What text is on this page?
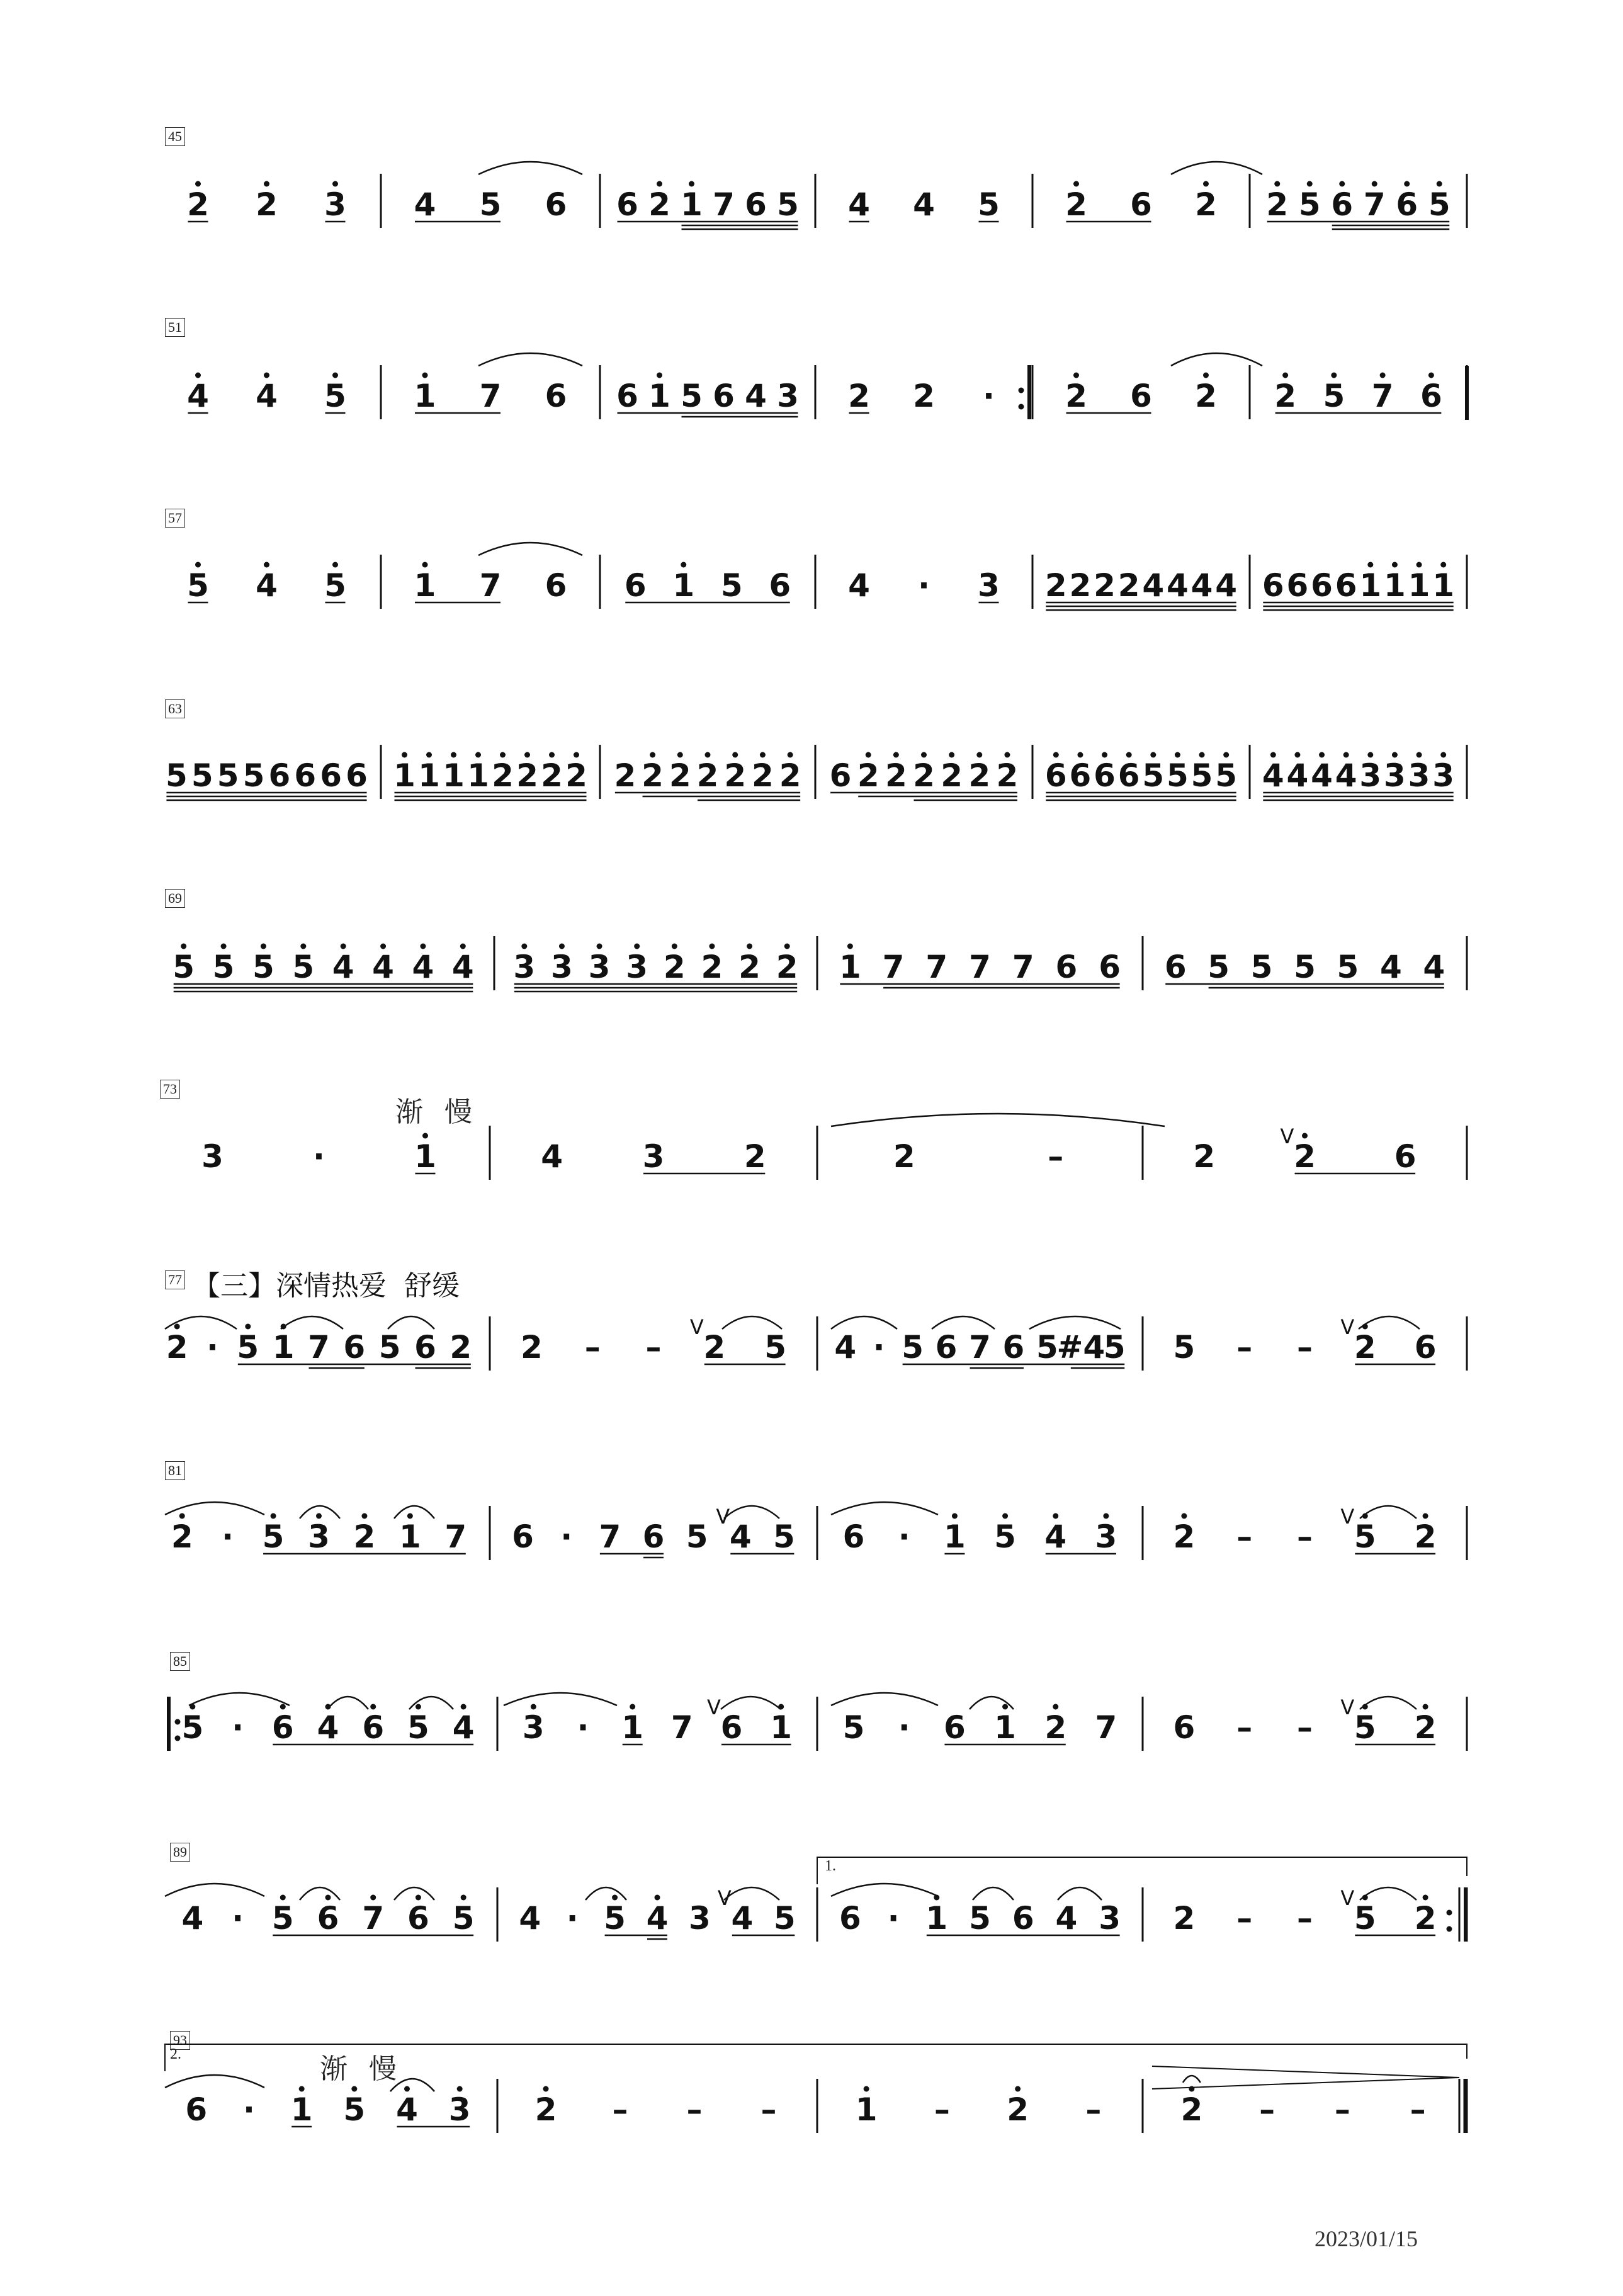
45
51
57
63
69
73
77
81
85
89
93
渐慢
【三】深情热爱  舒缓
1.
2.	渐慢
2 2 3 4 5 6 6 2 1 7 6 5 4 4 5 2 6 2 2 5 6 7 6 5
4 4 5 1 7 6 6 1 5 6 4 3 2 2 · 2 6 2 2 5 7 6
5 4 5 1 7 6 6 1 5 6 4 · 3 2 2 2 2 4 4 4 4 6 6 6 6 1 1 1 1
5 5 5 5 6 6 6 6 1 1 1 1 2 2 2 2 2 2 2 2 2 2 2 6 2 2 2 2 2 2 6 6 6 6 5 5 5 5 4 4 4 4 3 3 3 3
5 5 5 5 4 4 4 4 3 3 3 3 2 2 2 2 1 7 7 7 7 6 6 6 5 5 5 5 4 4
3	·	1	4	3	2	2	–	2 2
V
6
2 · 5 1 7 6 5 6 2 2 – – 2
V
5 4 · 5 6 7 6 5
#4
5 5 – – 2
V
6
2 · 5 3 2 1 7 6 · 7 6 5 4
V
5 6 · 1 5 4 3 2 – – 5
V
2
5 · 6 4 6 5 4 3 · 1 7 6
V
1 5 · 6 1 2 7 6 – – 5
V
2
4 · 5 6 7 6 5 4 · 5 4 3 4
V
5 6 · 1 5 6 4 3 2 – – 5
V
2
6 · 1 5 4 3 2 – – –	1 – 2 –	2 – – –
2023/01/15
